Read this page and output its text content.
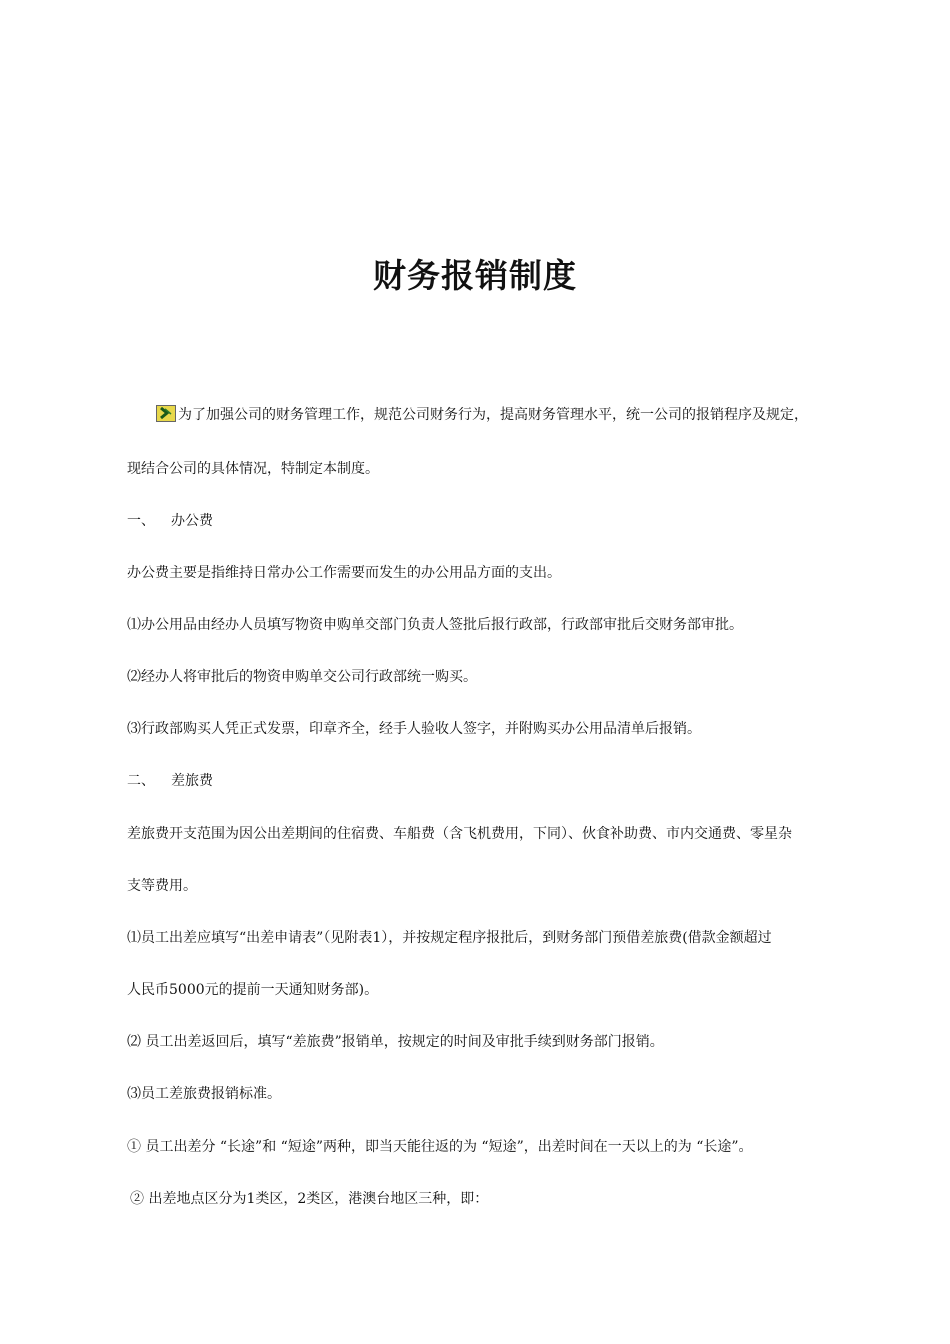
财务报销制度
为了加强公司的财务管理工作，规范公司财务行为，提高财务管理水平，统一公司的报销程序及规定，
现结合公司的具体情况，特制定本制度。
一、 办公费
办公费主要是指维持日常办公工作需要而发生的办公用品方面的支出。
⑴办公用品由经办人员填写物资申购单交部门负责人签批后报行政部，行政部审批后交财务部审批。
⑵经办人将审批后的物资申购单交公司行政部统一购买。
⑶行政部购买人凭正式发票，印章齐全，经手人验收人签字，并附购买办公用品清单后报销。
二、 差旅费
差旅费开支范围为因公出差期间的住宿费、车船费（含飞机费用，下同）、伙食补助费、市内交通费、零星杂
支等费用。
⑴员工出差应填写“出差申请表”（见附表1），并按规定程序报批后，到财务部门预借差旅费(借款金额超过
人民币5000元的提前一天通知财务部)。
⑵ 员工出差返回后，填写“差旅费”报销单，按规定的时间及审批手续到财务部门报销。
⑶员工差旅费报销标准。
① 员工出差分 “长途”和 “短途”两种，即当天能往返的为 “短途”，出差时间在一天以上的为 “长途”。
② 出差地点区分为1类区，2类区，港澳台地区三种，即：
